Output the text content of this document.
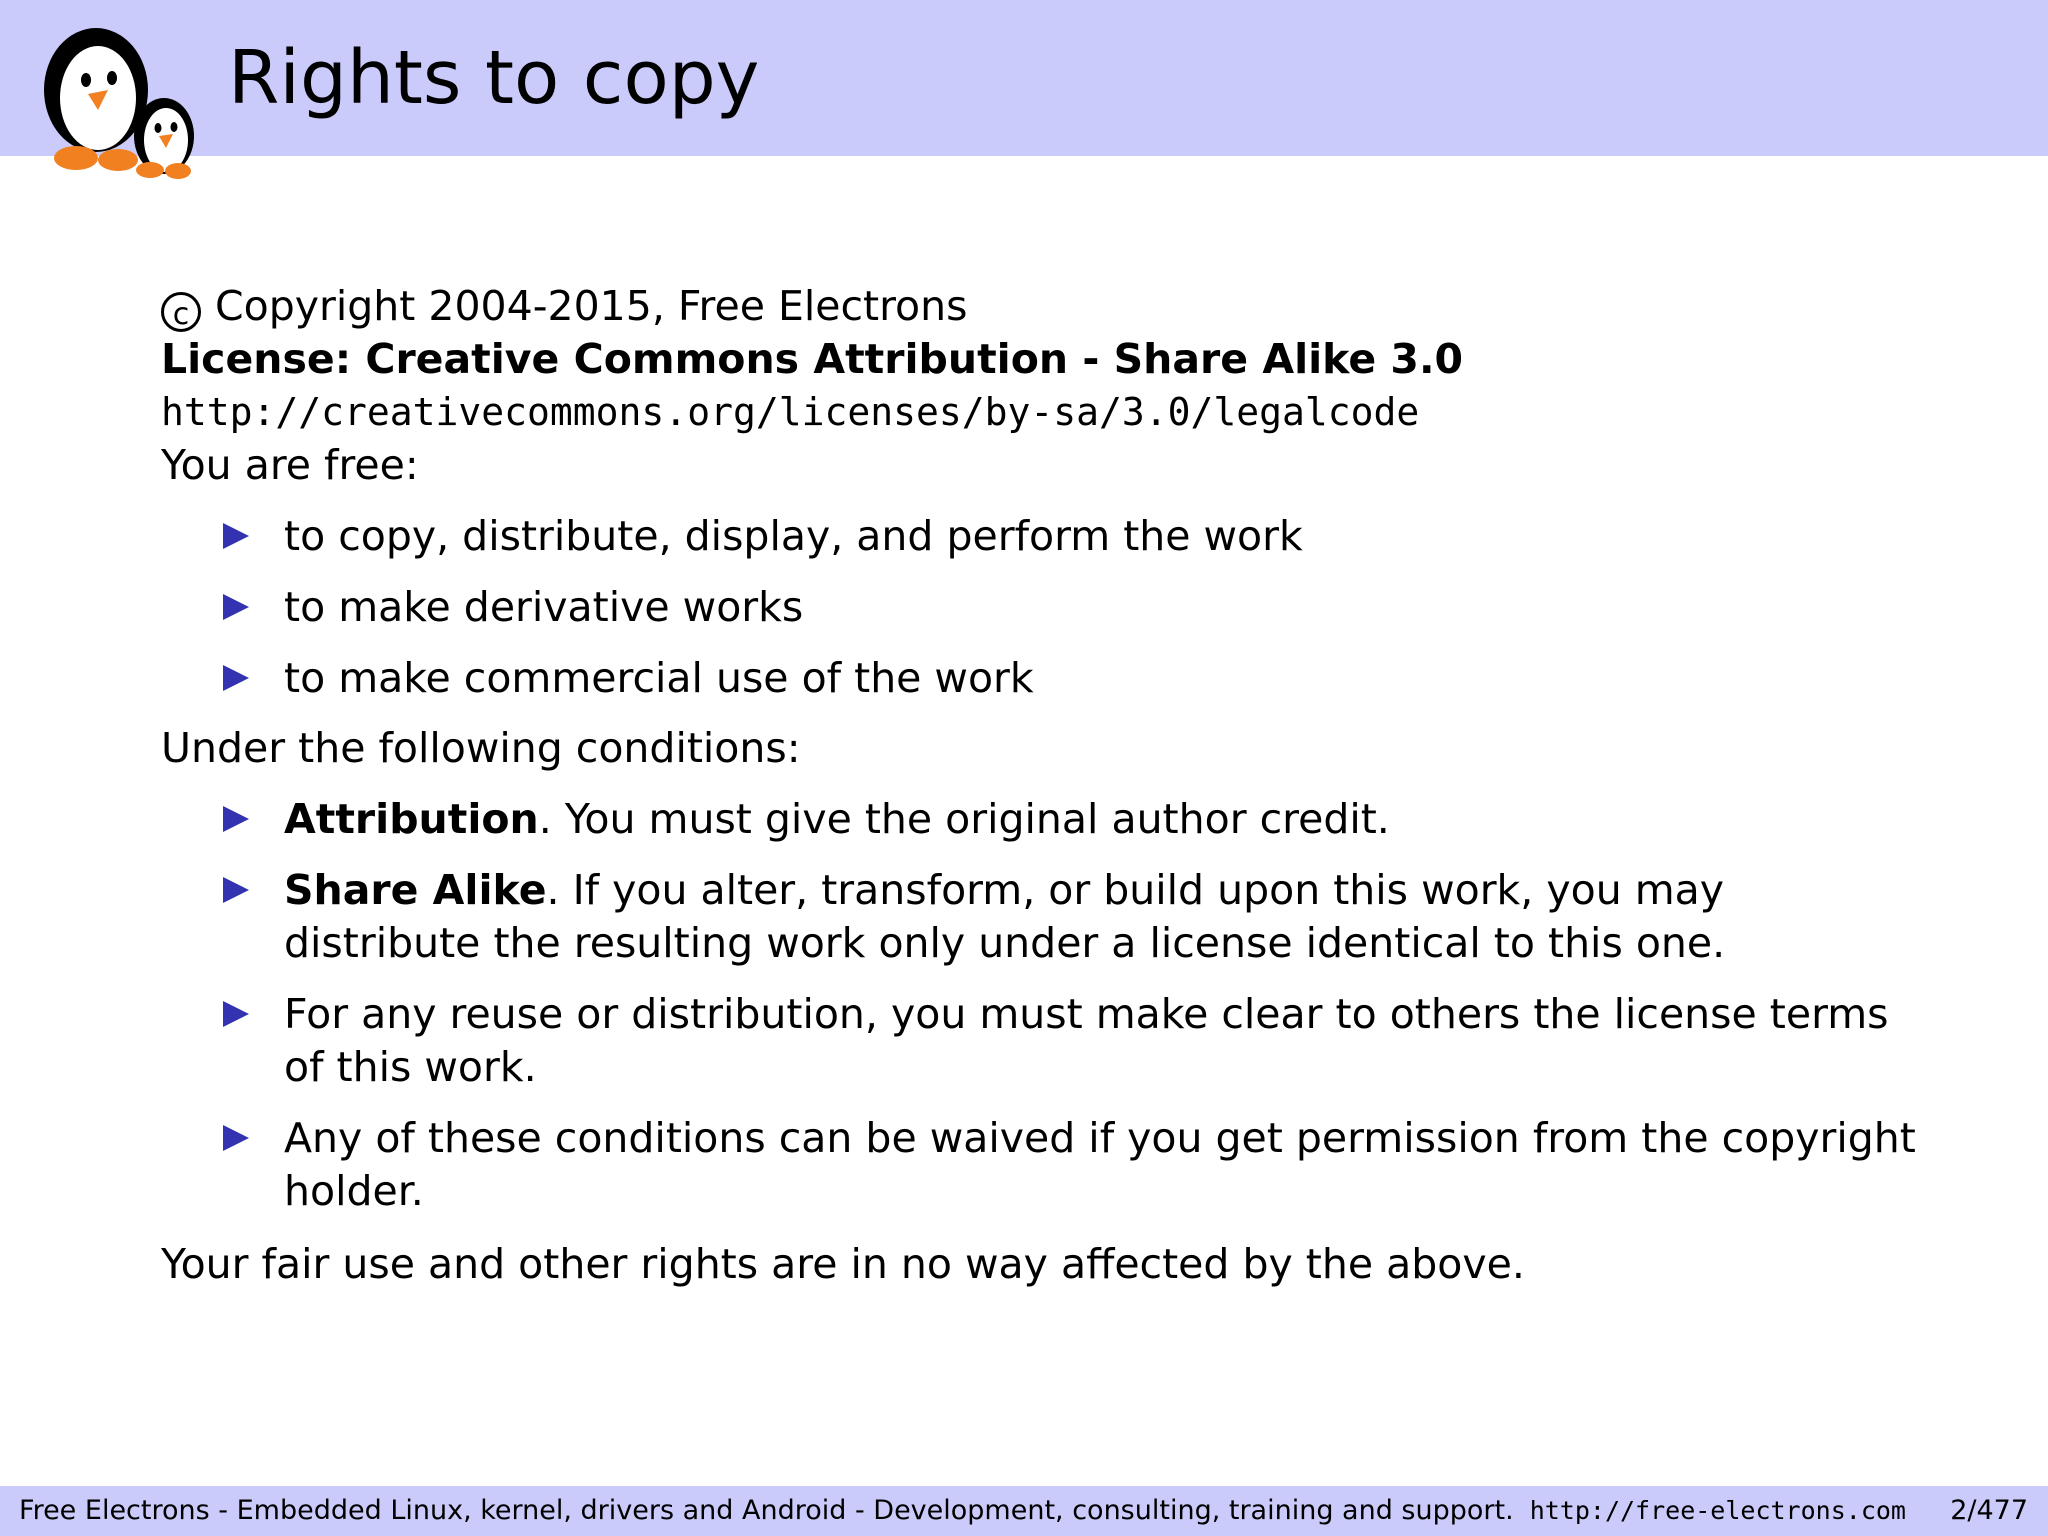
Rights to copy
c Copyright 2004-2015, Free Electrons
License: Creative Commons Attribution - Share Alike 3.0
http://creativecommons.org/licenses/by-sa/3.0/legalcode
You are free:
to copy, distribute, display, and perform the work
to make derivative works
to make commercial use of the work
Under the following conditions:
Attribution. You must give the original author credit.
Share Alike. If you alter, transform, or build upon this work, you may distribute the resulting work only under a license identical to this one.
For any reuse or distribution, you must make clear to others the license terms of this work.
Any of these conditions can be waived if you get permission from the copyright holder.
Your fair use and other rights are in no way affected by the above.
Free Electrons - Embedded Linux, kernel, drivers and Android - Development, consulting, training and support. http://free-electrons.com 2/477
